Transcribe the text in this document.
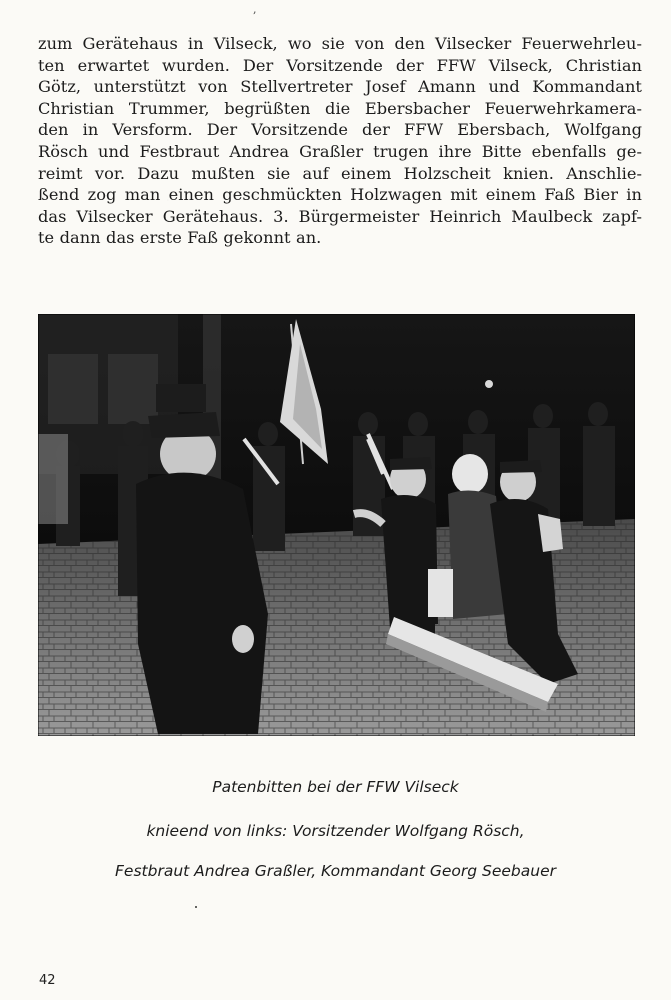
,
zum Gerätehaus in Vilseck, wo sie von den Vilsecker Feuerwehrleu-
ten erwartet wurden. Der Vorsitzende der FFW Vilseck, Christian
Götz, unterstützt von Stellvertreter Josef Amann und Kommandant
Christian Trummer, begrüßten die Ebersbacher Feuerwehrkamera-
den in Versform. Der Vorsitzende der FFW Ebersbach, Wolfgang
Rösch und Festbraut Andrea Graßler trugen ihre Bitte ebenfalls ge-
reimt vor. Dazu mußten sie auf einem Holzscheit knien. Anschlie-
ßend zog man einen geschmückten Holzwagen mit einem Faß Bier in
das Vilsecker Gerätehaus. 3. Bürgermeister Heinrich Maulbeck zapf-
te dann das erste Faß gekonnt an.
Patenbitten bei der FFW Vilseck
knieend von links: Vorsitzender Wolfgang Rösch,
Festbraut Andrea Graßler, Kommandant Georg Seebauer
42
